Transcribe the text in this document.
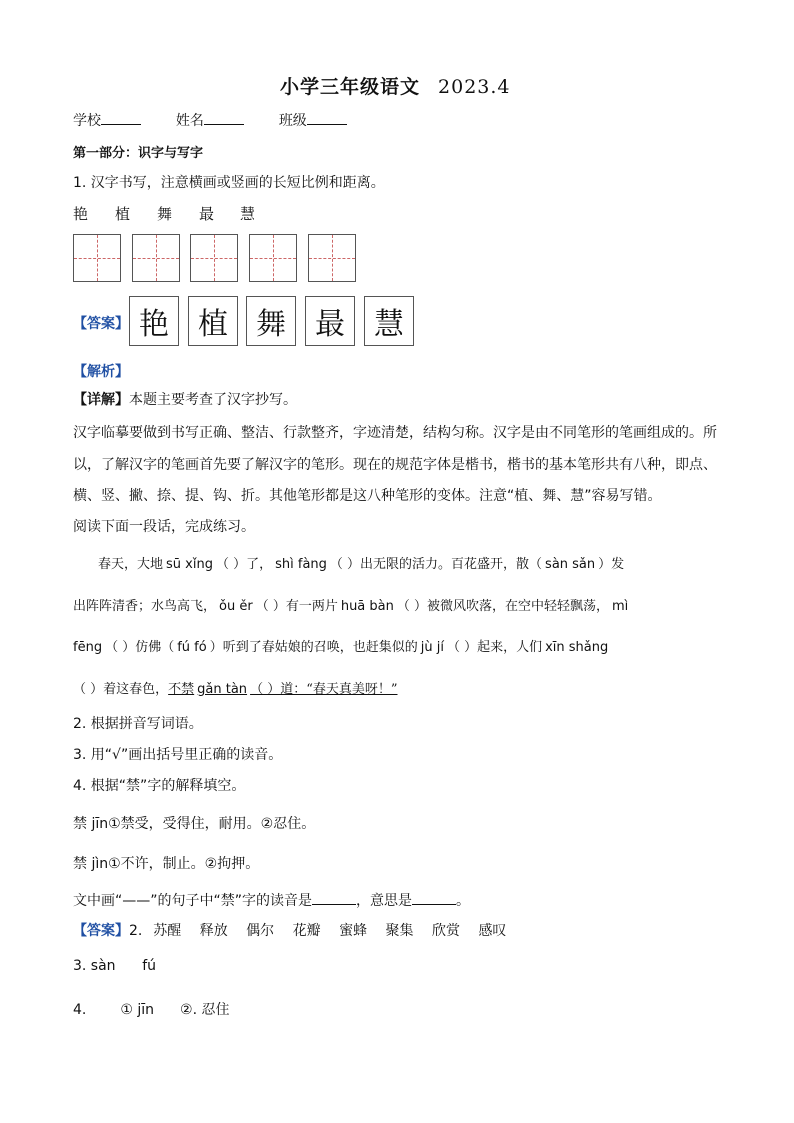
小学三年级语文 2023.4
学校	姓名	班级
第一部分：识字与写字
1. 汉字书写，注意横画或竖画的长短比例和距离。
艳 植 舞 最 慧
【答案】 艳 植 舞 最 慧
【解析】
【详解】本题主要考查了汉字抄写。
汉字临摹要做到书写正确、整洁、行款整齐，字迹清楚，结构匀称。汉字是由不同笔形的笔画组成的。所
以，了解汉字的笔画首先要了解汉字的笔形。现在的规范字体是楷书，楷书的基本笔形共有八种，即点、
横、竖、撇、捺、提、钩、折。其他笔形都是这八种笔形的变体。注意“植、舞、慧”容易写错。
阅读下面一段话，完成练习。
春天，大地 sū xǐng （ ）了， shì fàng （ ）出无限的活力。百花盛开，散（ sàn sǎn ）发
出阵阵清香；水鸟高飞， ǒu ěr （ ）有一两片 huā bàn （ ）被微风吹落，在空中轻轻飘荡， mì
fēng （ ）仿佛（ fú fó ）听到了春姑娘的召唤，也赶集似的 jù jí （ ）起来，人们 xīn shǎng
（ ）着这春色，不禁 gǎn tàn （ ）道：“春天真美呀！”
2. 根据拼音写词语。
3. 用“√”画出括号里正确的读音。
4. 根据“禁”字的解释填空。
禁 jīn①禁受，受得住，耐用。②忍住。
禁 jìn①不许，制止。②拘押。
文中画“——”的句子中“禁”字的读音是	，意思是	。
【答案】2. 苏醒 释放 偶尔 花瓣 蜜蜂 聚集 欣赏 感叹
3. sàn      fú
4. ① jīn ②. 忍住
